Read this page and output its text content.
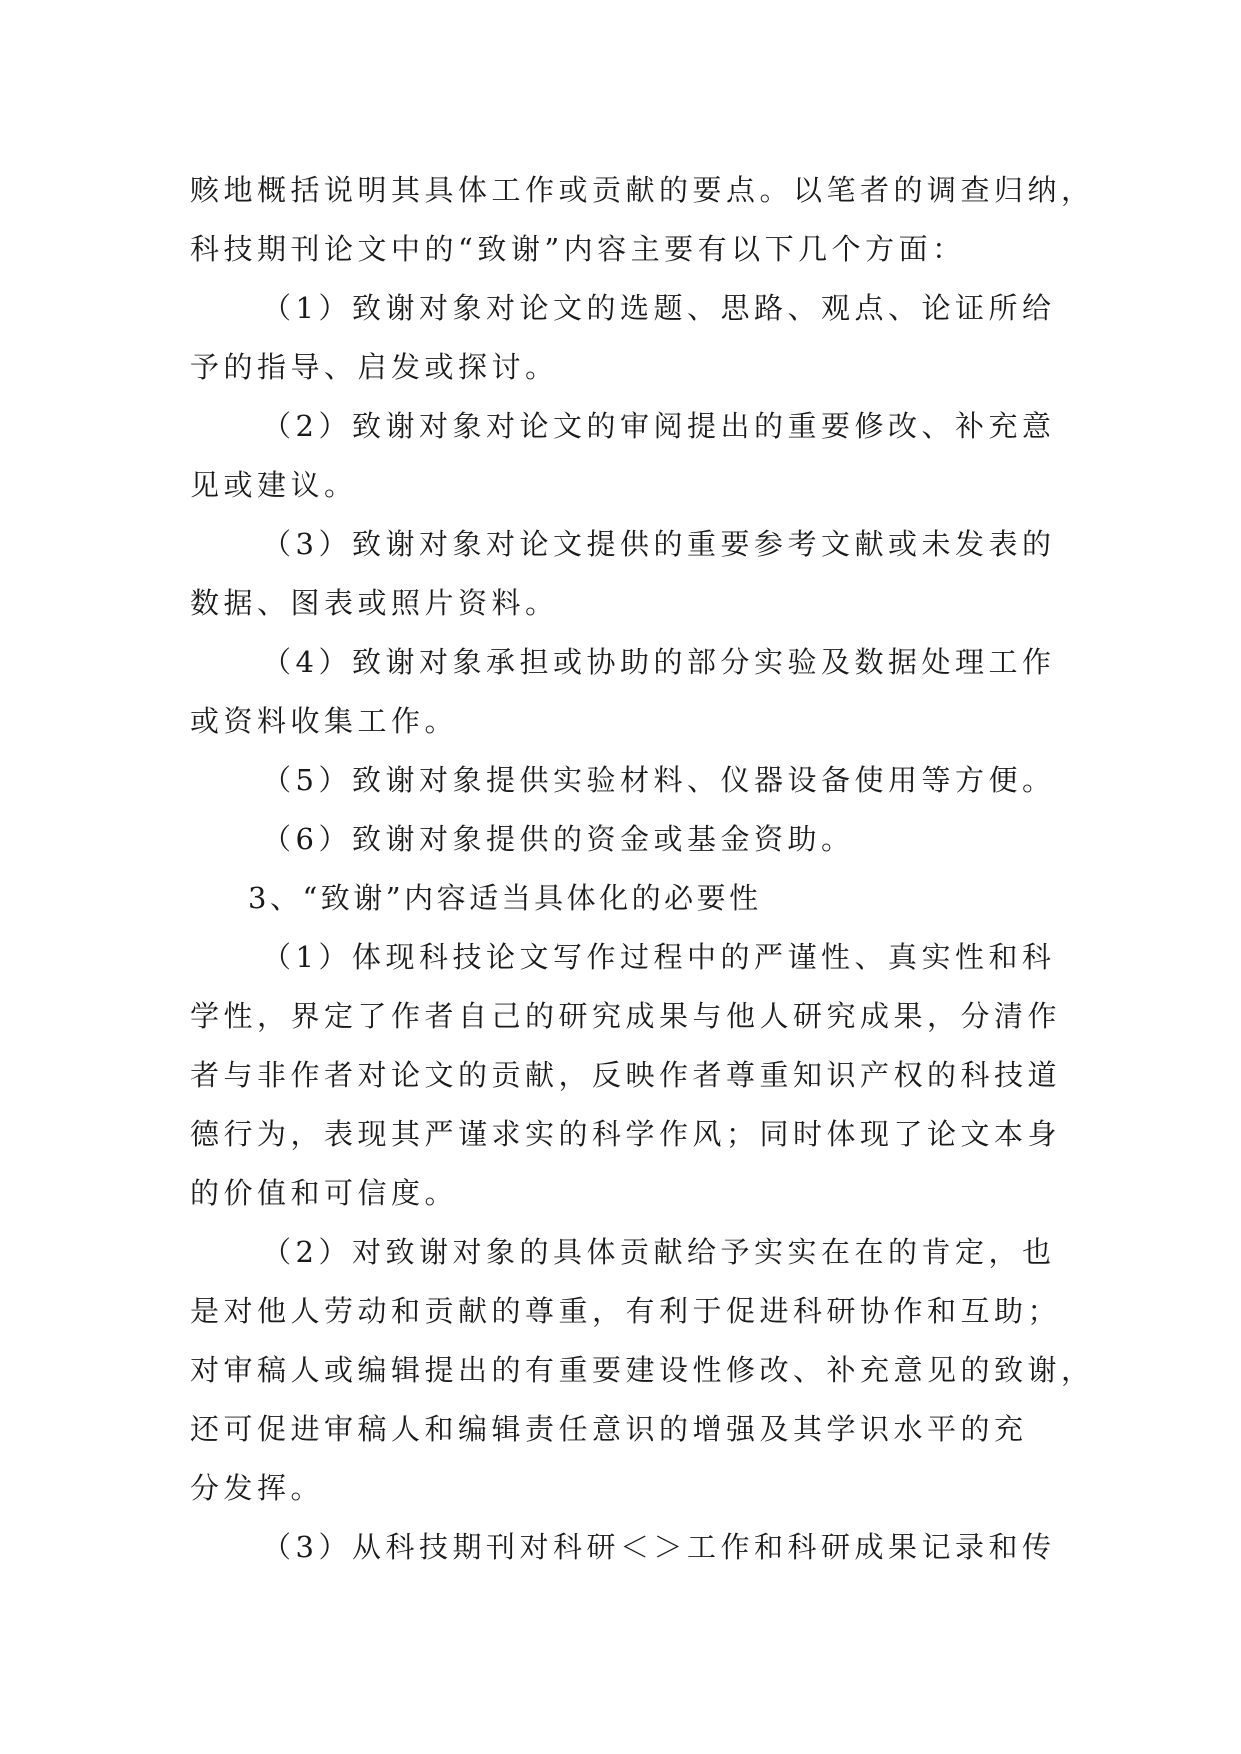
赅地概括说明其具体工作或贡献的要点。以笔者的调查归纳，
科技期刊论文中的“致谢”内容主要有以下几个方面：
（1）致谢对象对论文的选题、思路、观点、论证所给
予的指导、启发或探讨。
（2）致谢对象对论文的审阅提出的重要修改、补充意
见或建议。
（3）致谢对象对论文提供的重要参考文献或未发表的
数据、图表或照片资料。
（4）致谢对象承担或协助的部分实验及数据处理工作
或资料收集工作。
（5）致谢对象提供实验材料、仪器设备使用等方便。
（6）致谢对象提供的资金或基金资助。
3、“致谢”内容适当具体化的必要性
（1）体现科技论文写作过程中的严谨性、真实性和科
学性，界定了作者自己的研究成果与他人研究成果，分清作
者与非作者对论文的贡献，反映作者尊重知识产权的科技道
德行为，表现其严谨求实的科学作风；同时体现了论文本身
的价值和可信度。
（2）对致谢对象的具体贡献给予实实在在的肯定，也
是对他人劳动和贡献的尊重，有利于促进科研协作和互助；
对审稿人或编辑提出的有重要建设性修改、补充意见的致谢，
还可促进审稿人和编辑责任意识的增强及其学识水平的充
分发挥。
（3）从科技期刊对科研＜＞工作和科研成果记录和传
